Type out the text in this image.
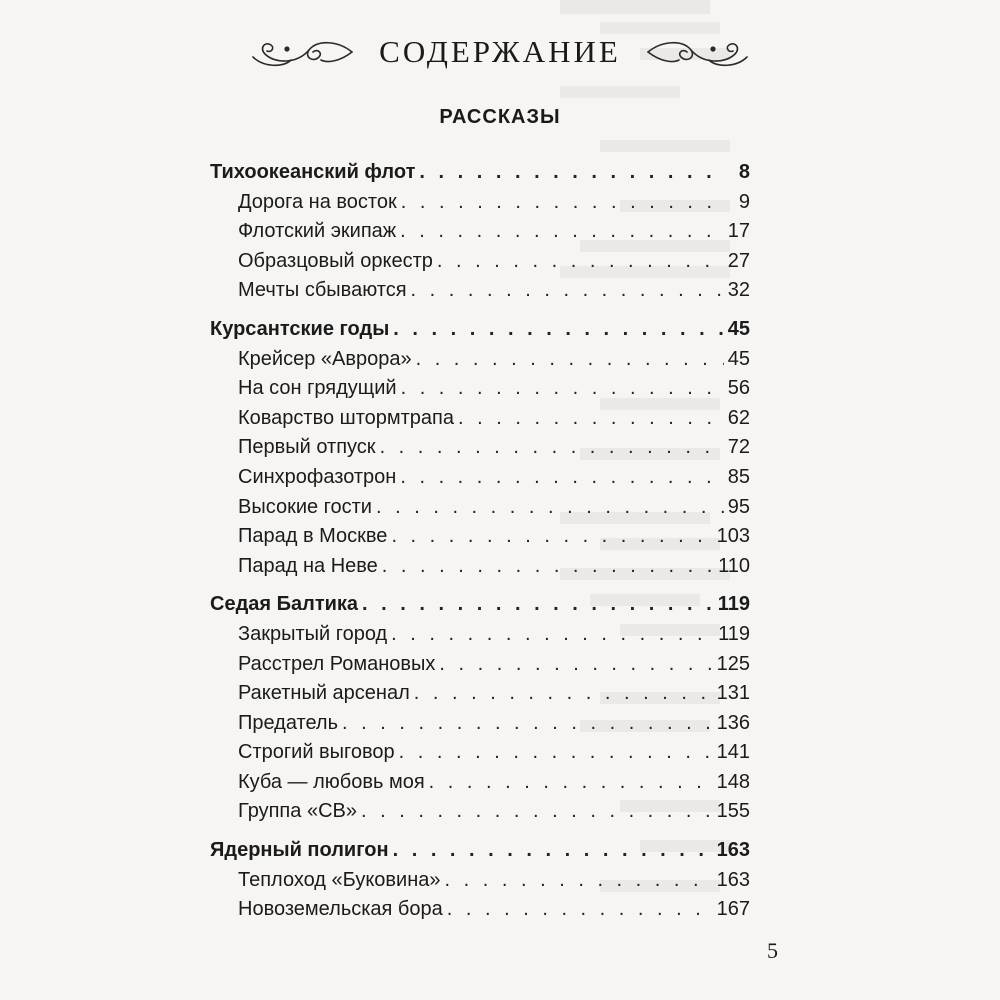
СОДЕРЖАНИЕ
РАССКАЗЫ
Тихоокеанский флот . . .	8
Дорога на восток . . .	9
Флотский экипаж . . .	17
Образцовый оркестр . . .	27
Мечты сбываются . . .	32
Курсантские годы . . .	45
Крейсер «Аврора» . . .	45
На сон грядущий . . .	56
Коварство штормтрапа . . .	62
Первый отпуск . . .	72
Синхрофазотрон . . .	85
Высокие гости . . .	95
Парад в Москве . . .	103
Парад на Неве . . .	110
Седая Балтика . . .	119
Закрытый город . . .	119
Расстрел Романовых . . .	125
Ракетный арсенал . . .	131
Предатель . . .	136
Строгий выговор . . .	141
Куба — любовь моя . . .	148
Группа «СВ» . . .	155
Ядерный полигон . . .	163
Теплоход «Буковина» . . .	163
Новоземельская бора . . .	167
5
